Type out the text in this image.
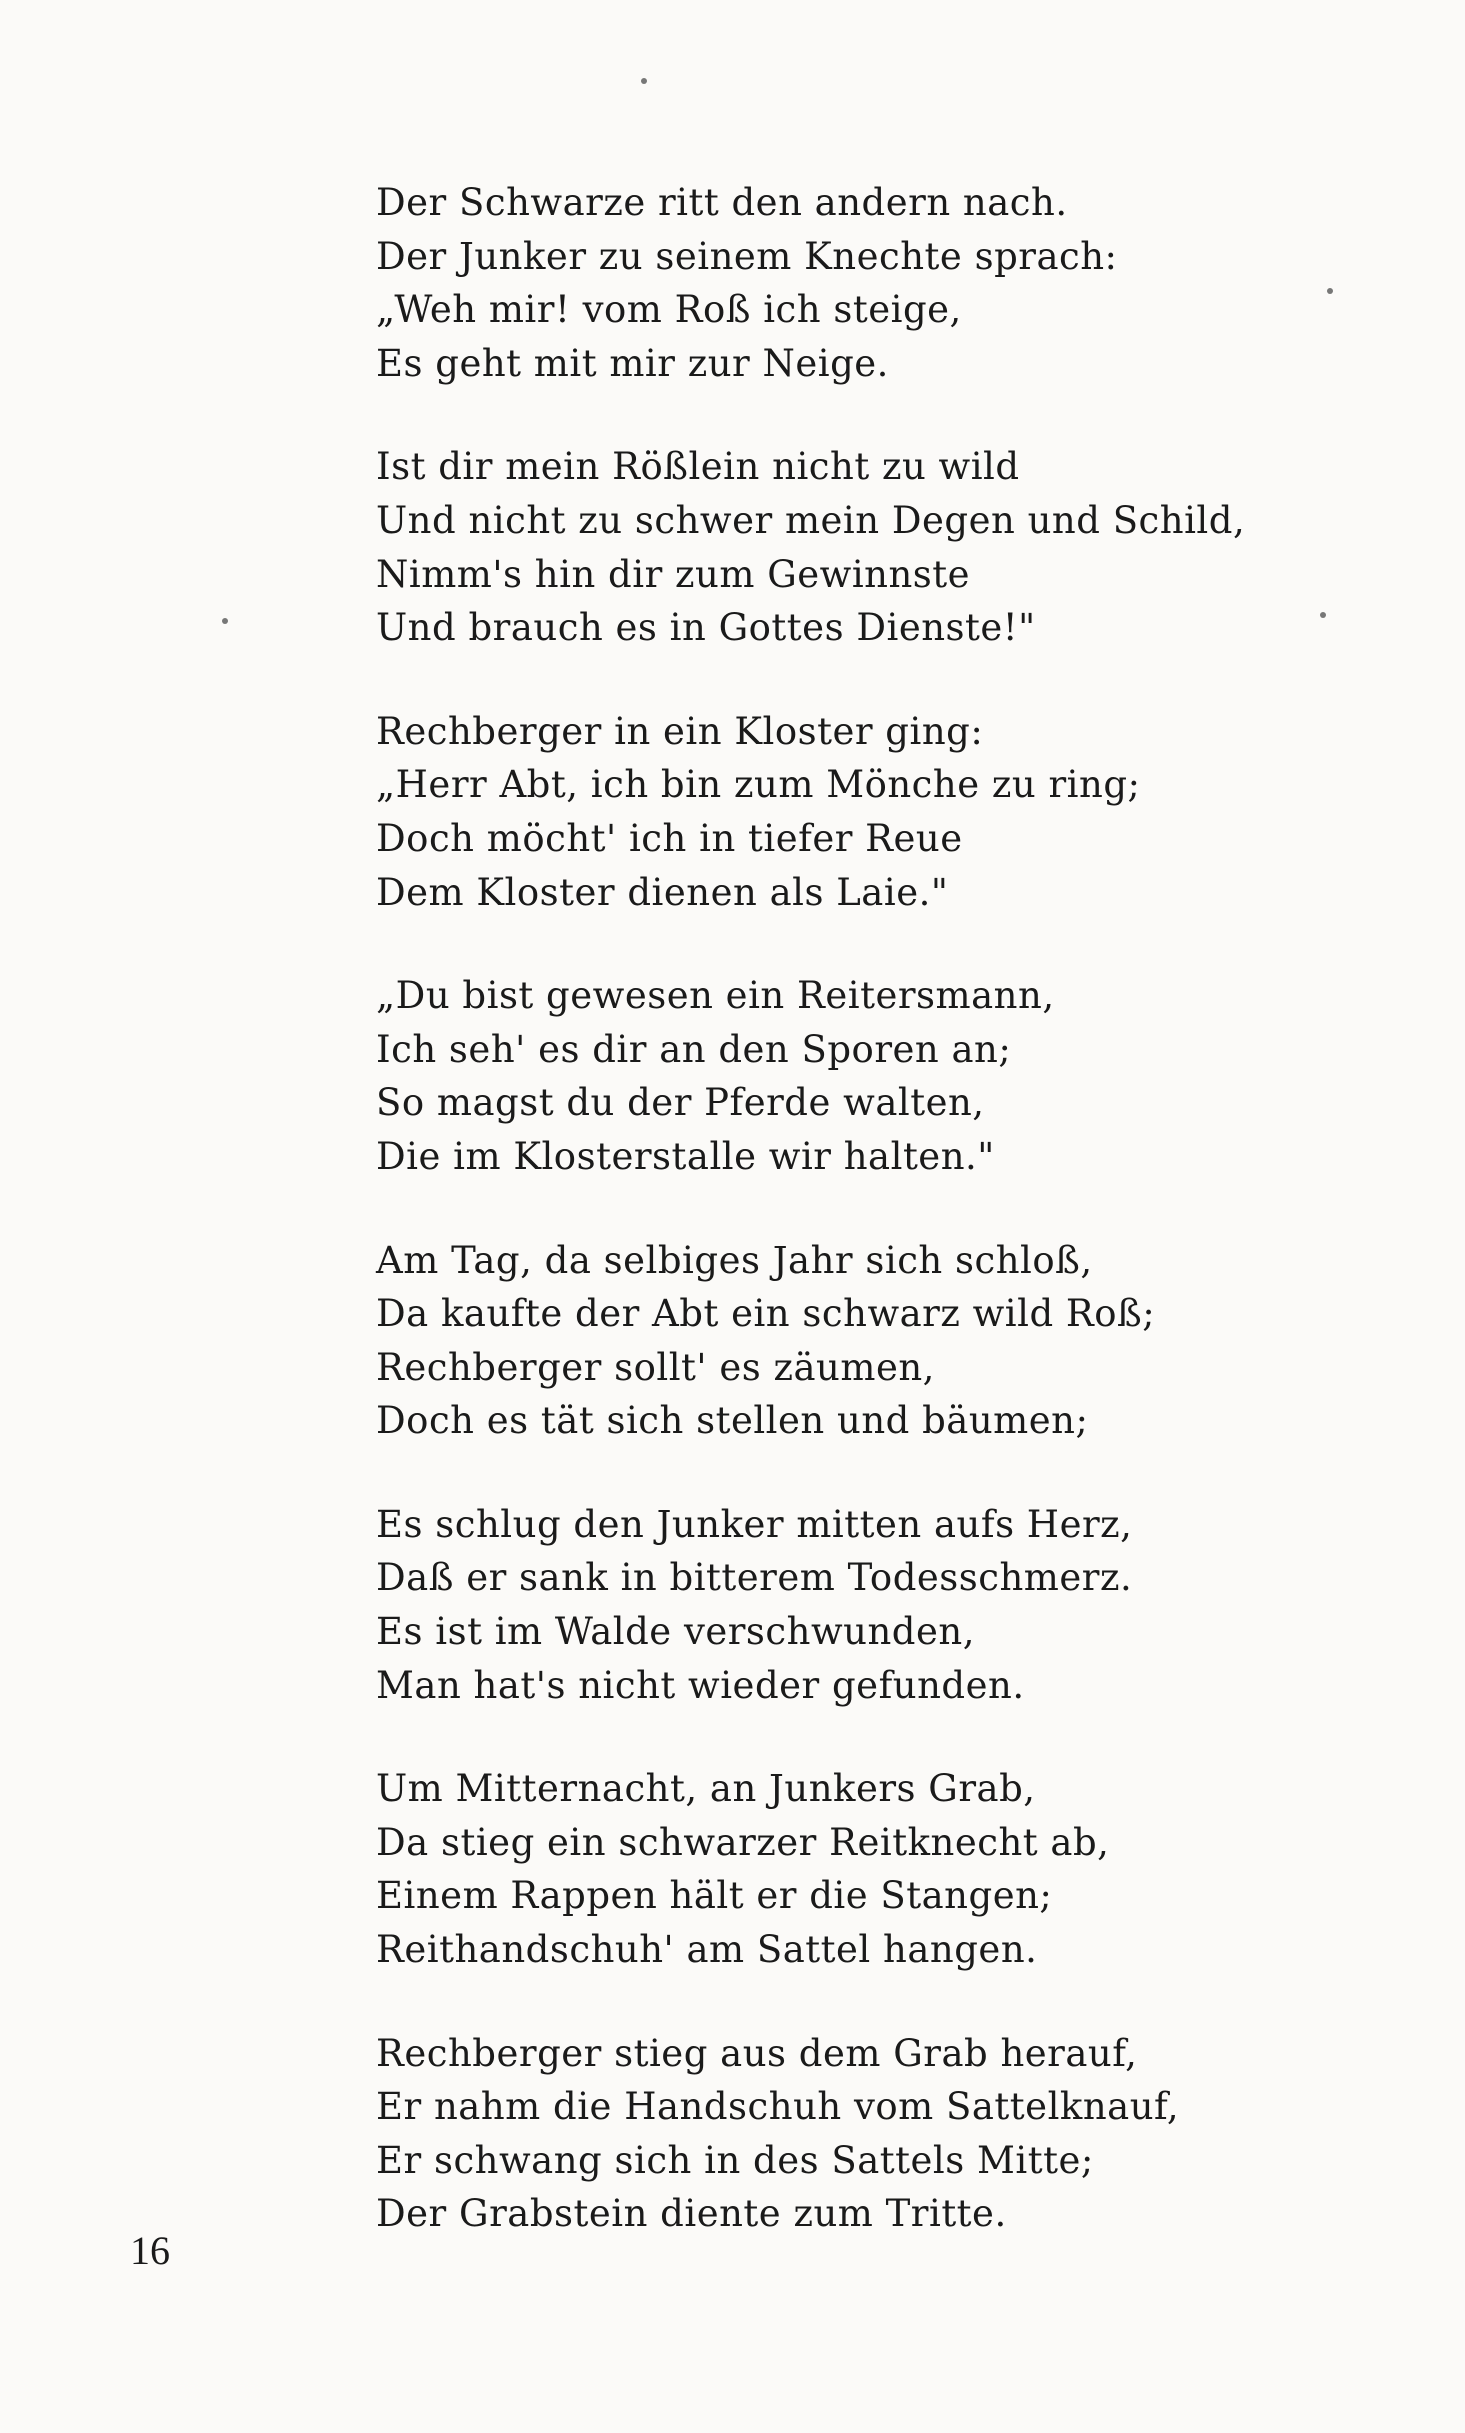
Der Schwarze ritt den andern nach.
Der Junker zu seinem Knechte sprach:
„Weh mir! vom Roß ich steige,
Es geht mit mir zur Neige.
Ist dir mein Rößlein nicht zu wild
Und nicht zu schwer mein Degen und Schild,
Nimm's hin dir zum Gewinnste
Und brauch es in Gottes Dienste!"
Rechberger in ein Kloster ging:
„Herr Abt, ich bin zum Mönche zu ring;
Doch möcht' ich in tiefer Reue
Dem Kloster dienen als Laie."
„Du bist gewesen ein Reitersmann,
Ich seh' es dir an den Sporen an;
So magst du der Pferde walten,
Die im Klosterstalle wir halten."
Am Tag, da selbiges Jahr sich schloß,
Da kaufte der Abt ein schwarz wild Roß;
Rechberger sollt' es zäumen,
Doch es tät sich stellen und bäumen;
Es schlug den Junker mitten aufs Herz,
Daß er sank in bitterem Todesschmerz.
Es ist im Walde verschwunden,
Man hat's nicht wieder gefunden.
Um Mitternacht, an Junkers Grab,
Da stieg ein schwarzer Reitknecht ab,
Einem Rappen hält er die Stangen;
Reithandschuh' am Sattel hangen.
Rechberger stieg aus dem Grab herauf,
Er nahm die Handschuh vom Sattelknauf,
Er schwang sich in des Sattels Mitte;
Der Grabstein diente zum Tritte.
16
